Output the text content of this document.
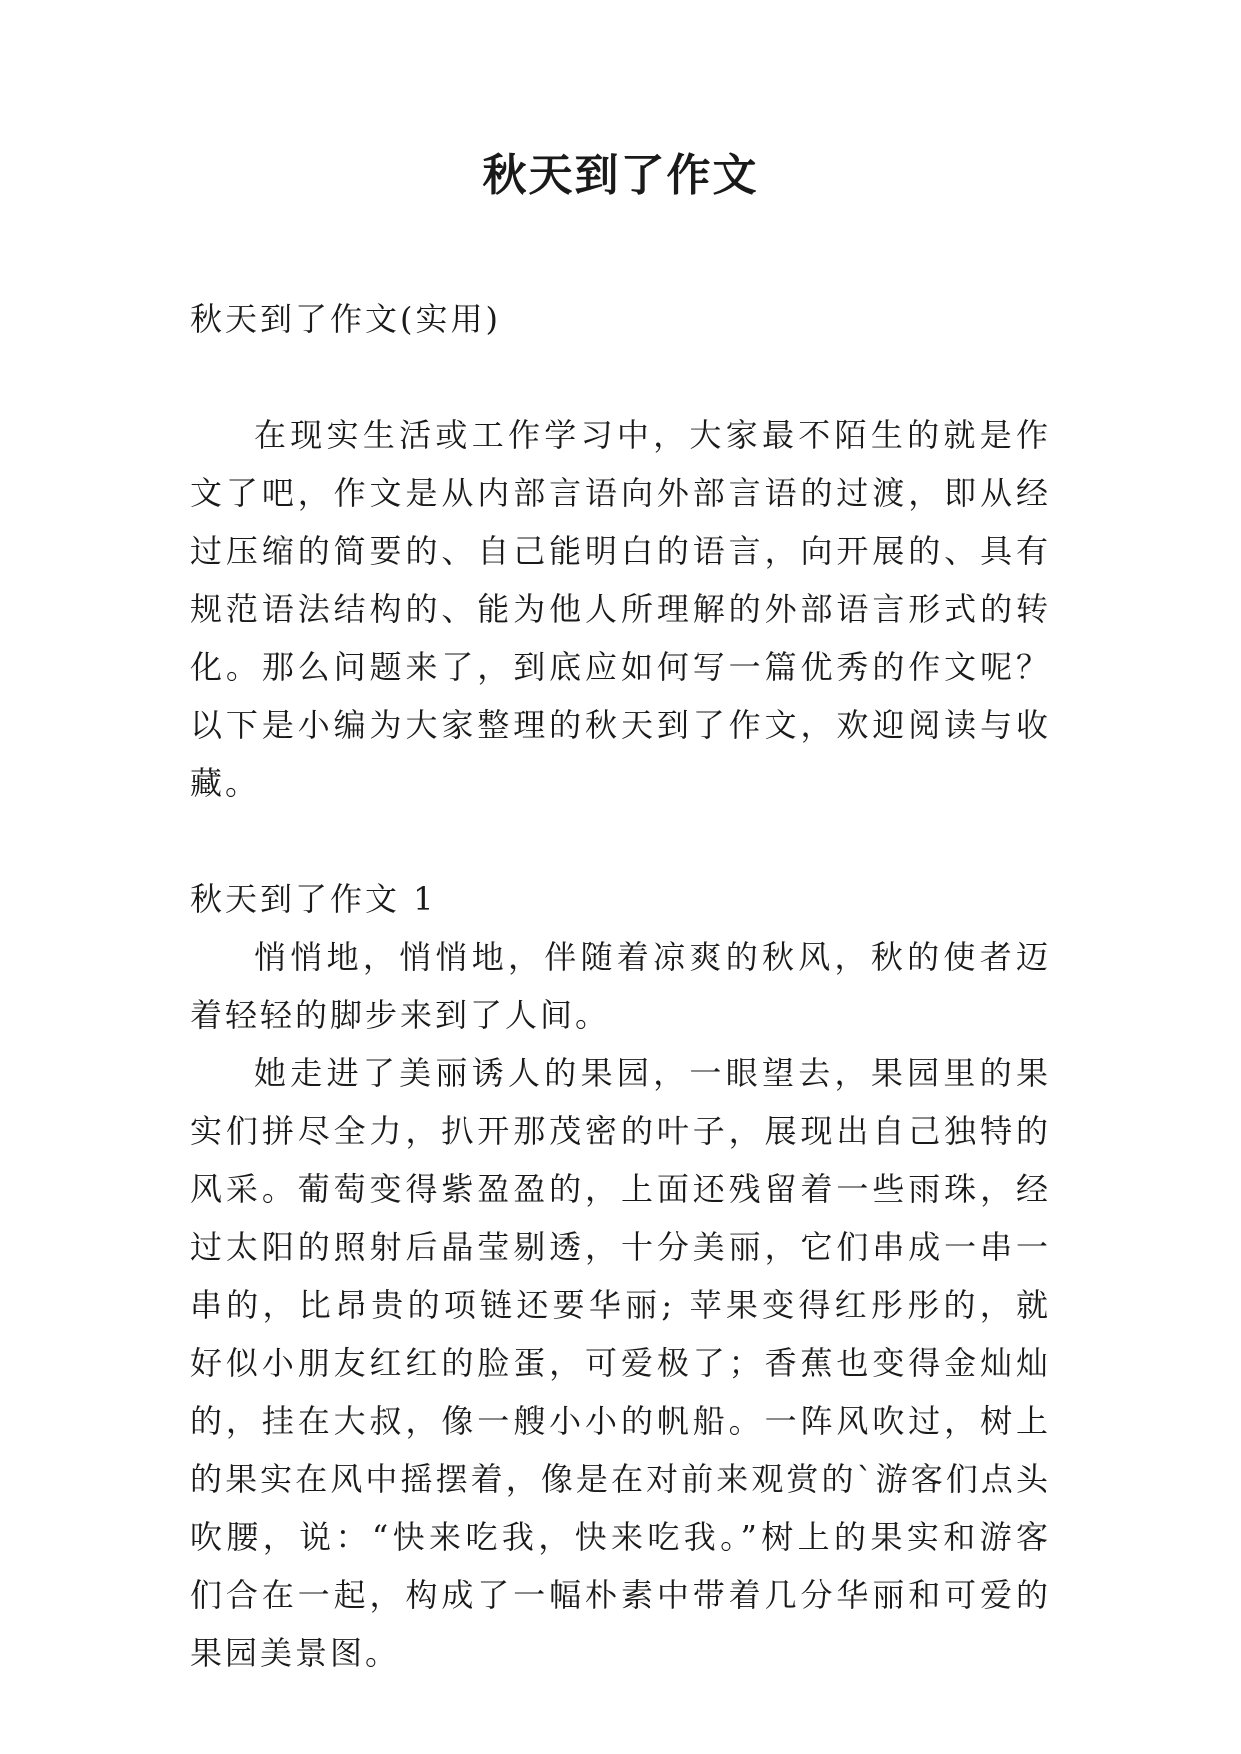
秋天到了作文

秋天到了作文(实用)

在现实生活或工作学习中，大家最不陌生的就是作文了吧，作文是从内部言语向外部言语的过渡，即从经过压缩的简要的、自己能明白的语言，向开展的、具有规范语法结构的、能为他人所理解的外部语言形式的转化。那么问题来了，到底应如何写一篇优秀的作文呢？以下是小编为大家整理的秋天到了作文，欢迎阅读与收藏。

秋天到了作文 1

悄悄地，悄悄地，伴随着凉爽的秋风，秋的使者迈着轻轻的脚步来到了人间。

她走进了美丽诱人的果园，一眼望去，果园里的果实们拼尽全力，扒开那茂密的叶子，展现出自己独特的风采。葡萄变得紫盈盈的，上面还残留着一些雨珠，经过太阳的照射后晶莹剔透，十分美丽，它们串成一串一串的，比昂贵的项链还要华丽; 苹果变得红彤彤的，就好似小朋友红红的脸蛋，可爱极了；香蕉也变得金灿灿的，挂在大叔，像一艘小小的帆船。一阵风吹过，树上的果实在风中摇摆着，像是在对前来观赏的`游客们点头吹腰，说：“快来吃我，快来吃我。”树上的果实和游客们合在一起，构成了一幅朴素中带着几分华丽和可爱的果园美景图。
